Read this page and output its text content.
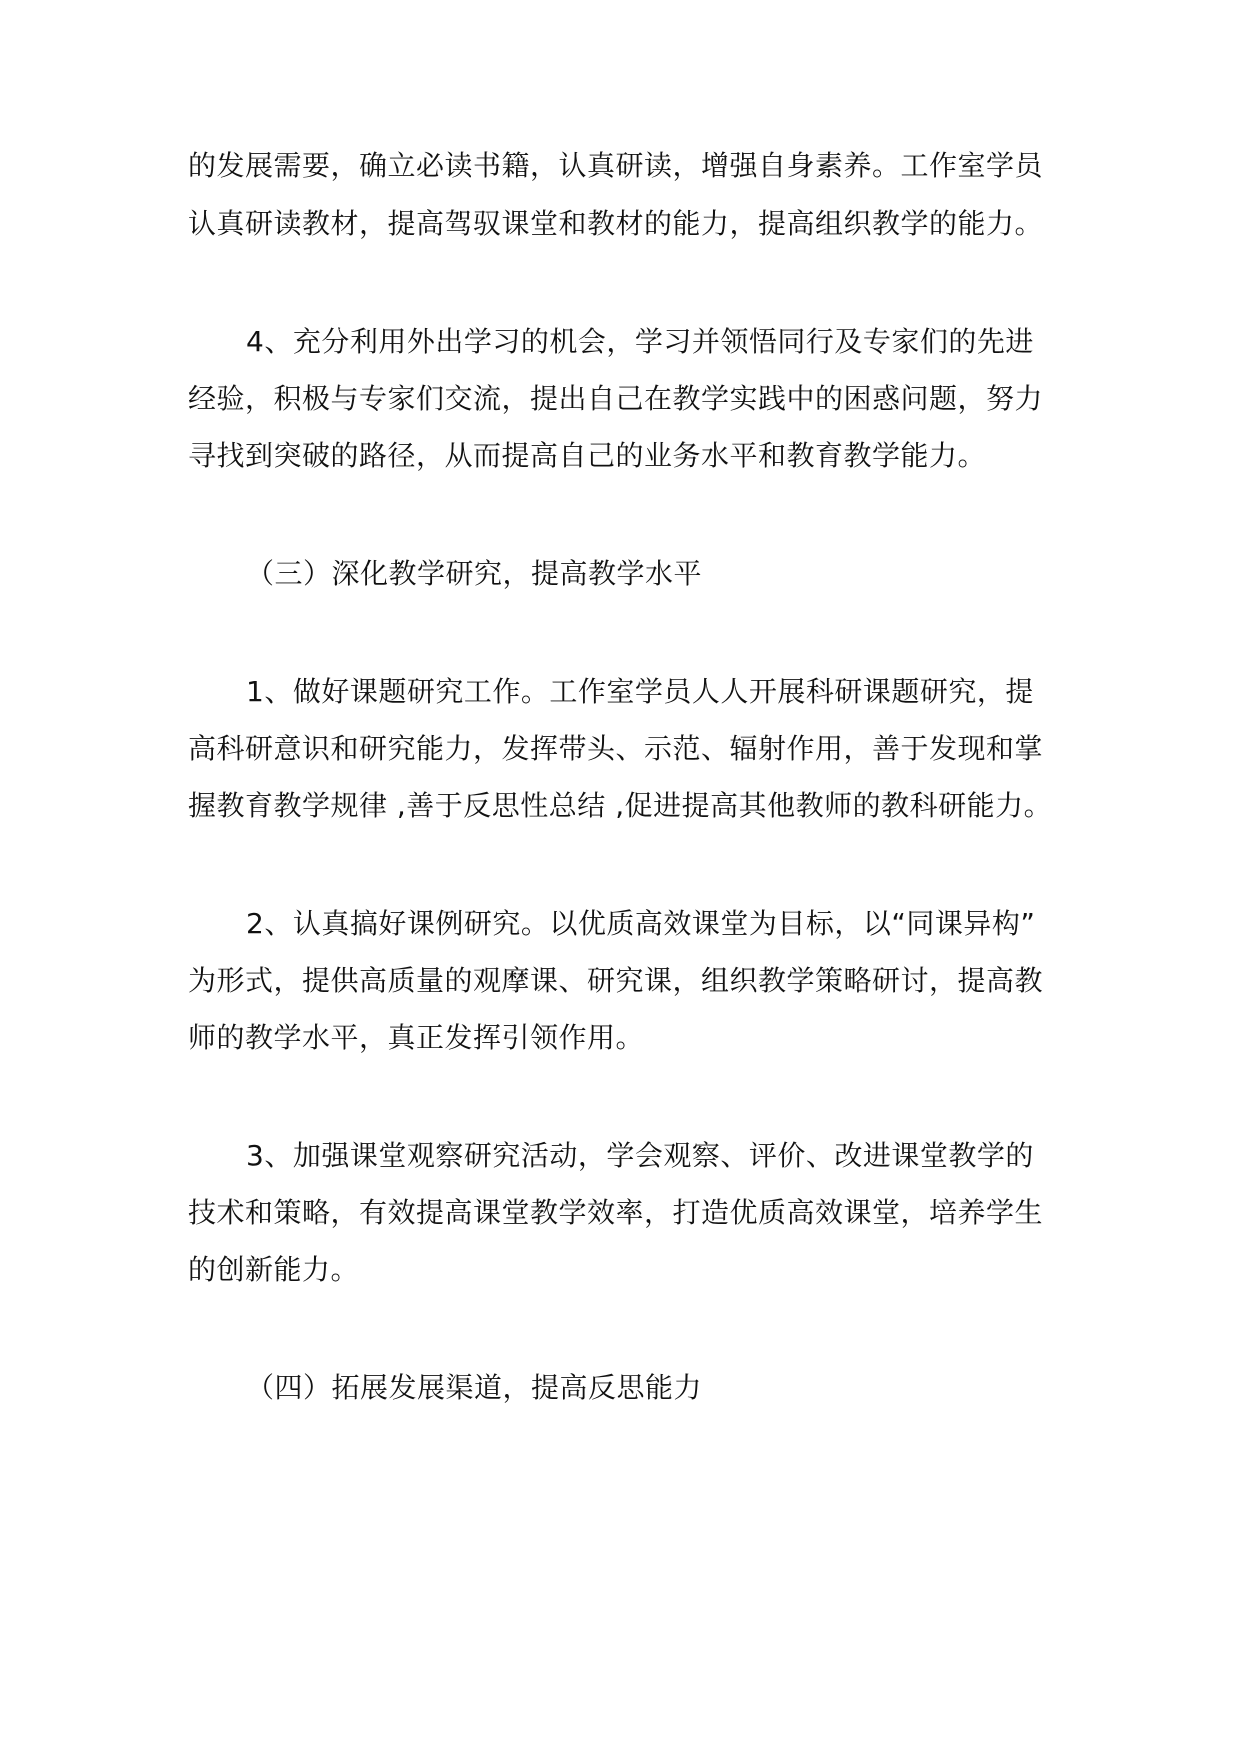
的发展需要，确立必读书籍，认真研读，增强自身素养。工作室学员
认真研读教材，提高驾驭课堂和教材的能力，提高组织教学的能力。
4、充分利用外出学习的机会，学习并领悟同行及专家们的先进
经验，积极与专家们交流，提出自己在教学实践中的困惑问题，努力
寻找到突破的路径，从而提高自己的业务水平和教育教学能力。
（三）深化教学研究，提高教学水平
1、做好课题研究工作。工作室学员人人开展科研课题研究，提
高科研意识和研究能力，发挥带头、示范、辐射作用，善于发现和掌
握教育教学规律 ,善于反思性总结 ,促进提高其他教师的教科研能力。
2、认真搞好课例研究。以优质高效课堂为目标，以“同课异构”
为形式，提供高质量的观摩课、研究课，组织教学策略研讨，提高教
师的教学水平，真正发挥引领作用。
3、加强课堂观察研究活动，学会观察、评价、改进课堂教学的
技术和策略，有效提高课堂教学效率，打造优质高效课堂，培养学生
的创新能力。
（四）拓展发展渠道，提高反思能力
